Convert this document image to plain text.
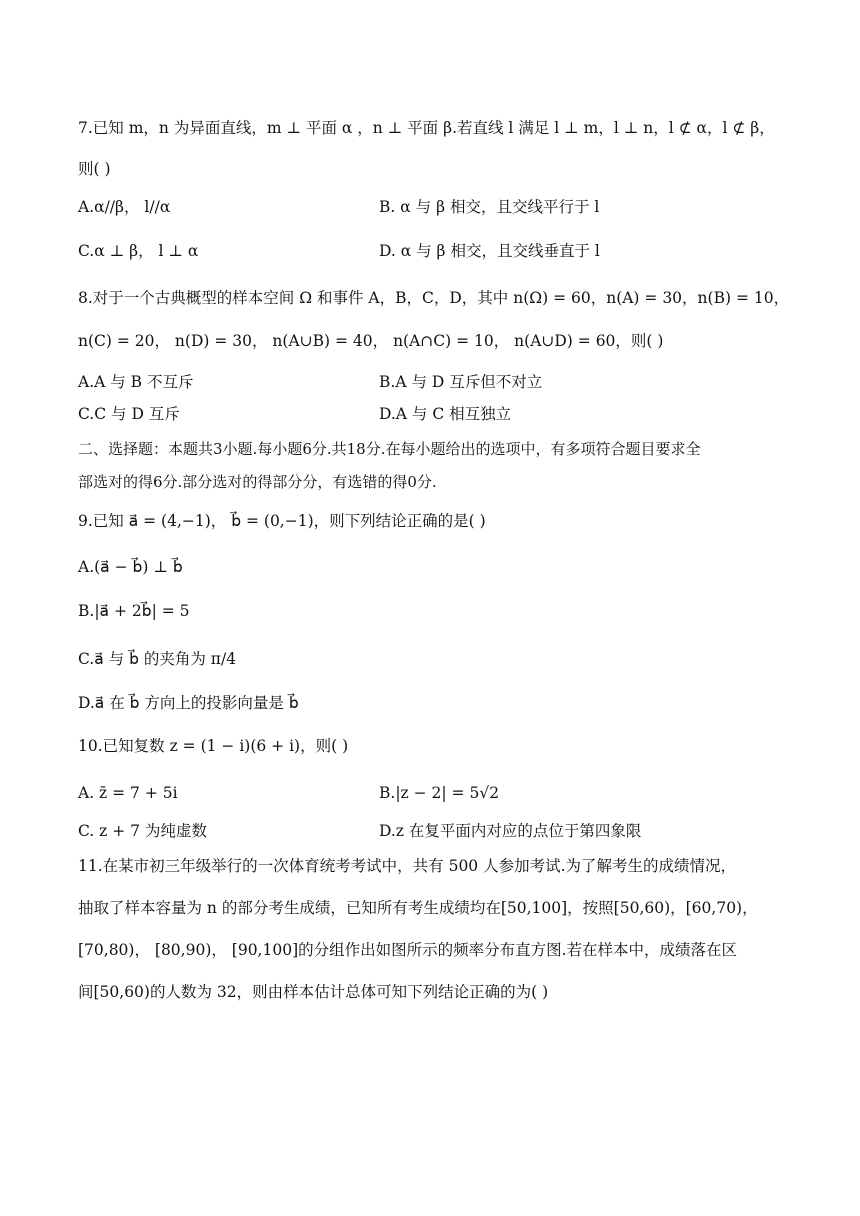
7.已知 m，n 为异面直线，m ⊥ 平面 α ，n ⊥ 平面 β.若直线 l 满足 l ⊥ m，l ⊥ n，l ⊄ α，l ⊄ β，
则( )
A.α//β， l//α	B. α 与 β 相交，且交线平行于 l
C.α ⊥ β， l ⊥ α	D. α 与 β 相交，且交线垂直于 l
8.对于一个古典概型的样本空间 Ω 和事件 A，B，C，D，其中 n(Ω) = 60，n(A) = 30，n(B) = 10，
n(C) = 20， n(D) = 30， n(A∪B) = 40， n(A∩C) = 10， n(A∪D) = 60，则( )
A.A 与 B 不互斥	B.A 与 D 互斥但不对立
C.C 与 D 互斥	D.A 与 C 相互独立
二、选择题：本题共3小题.每小题6分.共18分.在每小题给出的选项中，有多项符合题目要求全
部选对的得6分.部分选对的得部分分，有选错的得0分.
9.已知 a⃗ = (4,−1)， b⃗ = (0,−1)，则下列结论正确的是( )
A.(a⃗ − b⃗) ⊥ b⃗
B.|a⃗ + 2b⃗| = 5
C.a⃗ 与 b⃗ 的夹角为 π/4
D.a⃗ 在 b⃗ 方向上的投影向量是 b⃗
10.已知复数 z = (1 − i)(6 + i)，则( )
A. z̄ = 7 + 5i	B.|z − 2| = 5√2
C. z + 7 为纯虚数	D.z 在复平面内对应的点位于第四象限
11.在某市初三年级举行的一次体育统考考试中，共有 500 人参加考试.为了解考生的成绩情况，
抽取了样本容量为 n 的部分考生成绩，已知所有考生成绩均在[50,100]，按照[50,60)，[60,70)，
[70,80)， [80,90)， [90,100]的分组作出如图所示的频率分布直方图.若在样本中，成绩落在区
间[50,60)的人数为 32，则由样本估计总体可知下列结论正确的为( )
